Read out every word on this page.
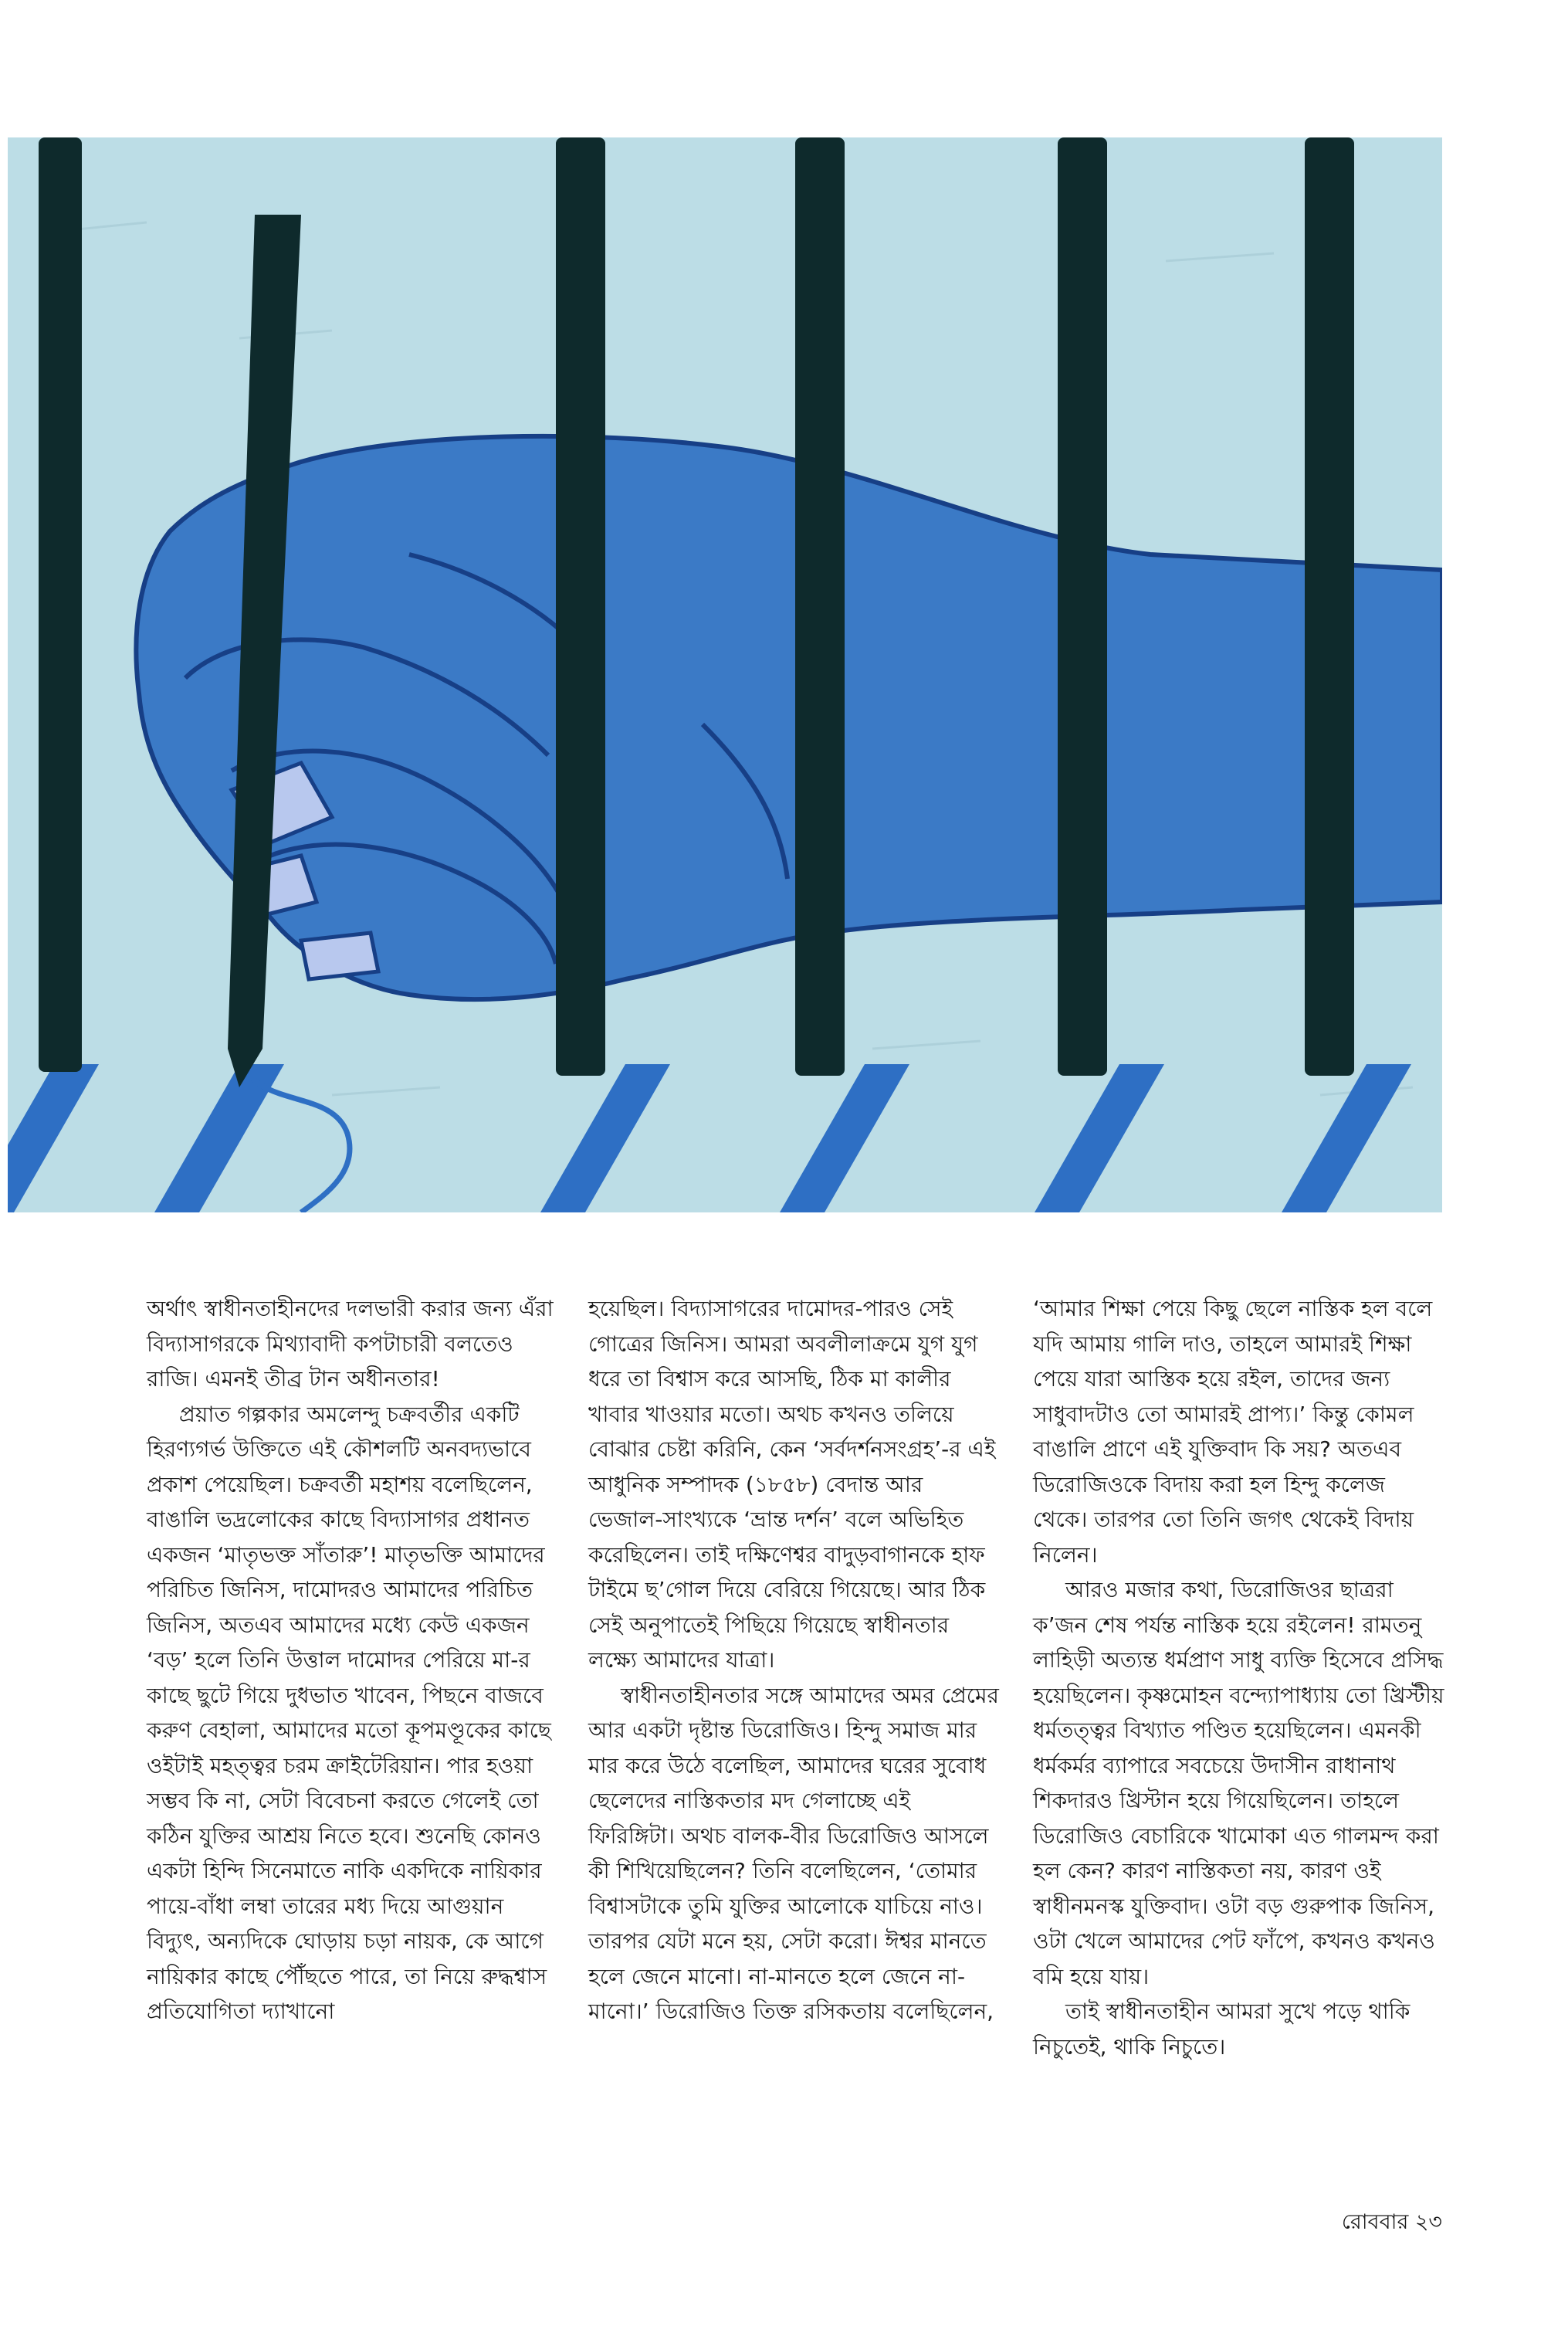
অর্থাৎ স্বাধীনতাহীনদের দলভারী করার জন্য এঁরা বিদ্যাসাগরকে মিথ্যাবাদী কপটাচারী বলতেও রাজি। এমনই তীব্র টান অধীনতার!

প্রয়াত গল্পকার অমলেন্দু চক্রবর্তীর একটি হিরণ্যগর্ভ উক্তিতে এই কৌশলটি অনবদ্যভাবে প্রকাশ পেয়েছিল। চক্রবর্তী মহাশয় বলেছিলেন, বাঙালি ভদ্রলোকের কাছে বিদ্যাসাগর প্রধানত একজন ‘মাতৃভক্ত সাঁতারু’! মাতৃভক্তি আমাদের পরিচিত জিনিস, দামোদরও আমাদের পরিচিত জিনিস, অতএব আমাদের মধ্যে কেউ একজন ‘বড়’ হলে তিনি উত্তাল দামোদর পেরিয়ে মা-র কাছে ছুটে গিয়ে দুধভাত খাবেন, পিছনে বাজবে করুণ বেহালা, আমাদের মতো কূপমণ্ডূকের কাছে ওইটাই মহত্ত্বর চরম ক্রাইটেরিয়ান। পার হওয়া সম্ভব কি না, সেটা বিবেচনা করতে গেলেই তো কঠিন যুক্তির আশ্রয় নিতে হবে। শুনেছি কোনও একটা হিন্দি সিনেমাতে নাকি একদিকে নায়িকার পায়ে-বাঁধা লম্বা তারের মধ্য দিয়ে আগুয়ান বিদ্যুৎ, অন্যদিকে ঘোড়ায় চড়া নায়ক, কে আগে নায়িকার কাছে পৌঁছতে পারে, তা নিয়ে রুদ্ধশ্বাস প্রতিযোগিতা দ্যাখানো

হয়েছিল। বিদ্যাসাগরের দামোদর-পারও সেই গোত্রের জিনিস। আমরা অবলীলাক্রমে যুগ যুগ ধরে তা বিশ্বাস করে আসছি, ঠিক মা কালীর খাবার খাওয়ার মতো। অথচ কখনও তলিয়ে বোঝার চেষ্টা করিনি, কেন ‘সর্বদর্শনসংগ্রহ’-র এই আধুনিক সম্পাদক (১৮৫৮) বেদান্ত আর ভেজাল-সাংখ্যকে ‘ভ্রান্ত দর্শন’ বলে অভিহিত করেছিলেন। তাই দক্ষিণেশ্বর বাদুড়বাগানকে হাফ টাইমে ছ’গোল দিয়ে বেরিয়ে গিয়েছে। আর ঠিক সেই অনুপাতেই পিছিয়ে গিয়েছে স্বাধীনতার লক্ষ্যে আমাদের যাত্রা।

স্বাধীনতাহীনতার সঙ্গে আমাদের অমর প্রেমের আর একটা দৃষ্টান্ত ডিরোজিও। হিন্দু সমাজ মার মার করে উঠে বলেছিল, আমাদের ঘরের সুবোধ ছেলেদের নাস্তিকতার মদ গেলাচ্ছে এই ফিরিঙ্গিটা। অথচ বালক-বীর ডিরোজিও আসলে কী শিখিয়েছিলেন? তিনি বলেছিলেন, ‘তোমার বিশ্বাসটাকে তুমি যুক্তির আলোকে যাচিয়ে নাও। তারপর যেটা মনে হয়, সেটা করো। ঈশ্বর মানতে হলে জেনে মানো। না-মানতে হলে জেনে না-মানো।’ ডিরোজিও তিক্ত রসিকতায় বলেছিলেন,

‘আমার শিক্ষা পেয়ে কিছু ছেলে নাস্তিক হল বলে যদি আমায় গালি দাও, তাহলে আমারই শিক্ষা পেয়ে যারা আস্তিক হয়ে রইল, তাদের জন্য সাধুবাদটাও তো আমারই প্রাপ্য।’ কিন্তু কোমল বাঙালি প্রাণে এই যুক্তিবাদ কি সয়? অতএব ডিরোজিওকে বিদায় করা হল হিন্দু কলেজ থেকে। তারপর তো তিনি জগৎ থেকেই বিদায় নিলেন।

আরও মজার কথা, ডিরোজিওর ছাত্ররা ক’জন শেষ পর্যন্ত নাস্তিক হয়ে রইলেন! রামতনু লাহিড়ী অত্যন্ত ধর্মপ্রাণ সাধু ব্যক্তি হিসেবে প্রসিদ্ধ হয়েছিলেন। কৃষ্ণমোহন বন্দ্যোপাধ্যায় তো খ্রিস্টীয় ধর্মতত্ত্বর বিখ্যাত পণ্ডিত হয়েছিলেন। এমনকী ধর্মকর্মর ব্যাপারে সবচেয়ে উদাসীন রাধানাথ শিকদারও খ্রিস্টান হয়ে গিয়েছিলেন। তাহলে ডিরোজিও বেচারিকে খামোকা এত গালমন্দ করা হল কেন? কারণ নাস্তিকতা নয়, কারণ ওই স্বাধীনমনস্ক যুক্তিবাদ। ওটা বড় গুরুপাক জিনিস, ওটা খেলে আমাদের পেট ফাঁপে, কখনও কখনও বমি হয়ে যায়।

তাই স্বাধীনতাহীন আমরা সুখে পড়ে থাকি নিচুতেই, থাকি নিচুতে।

রোববার ২৩
